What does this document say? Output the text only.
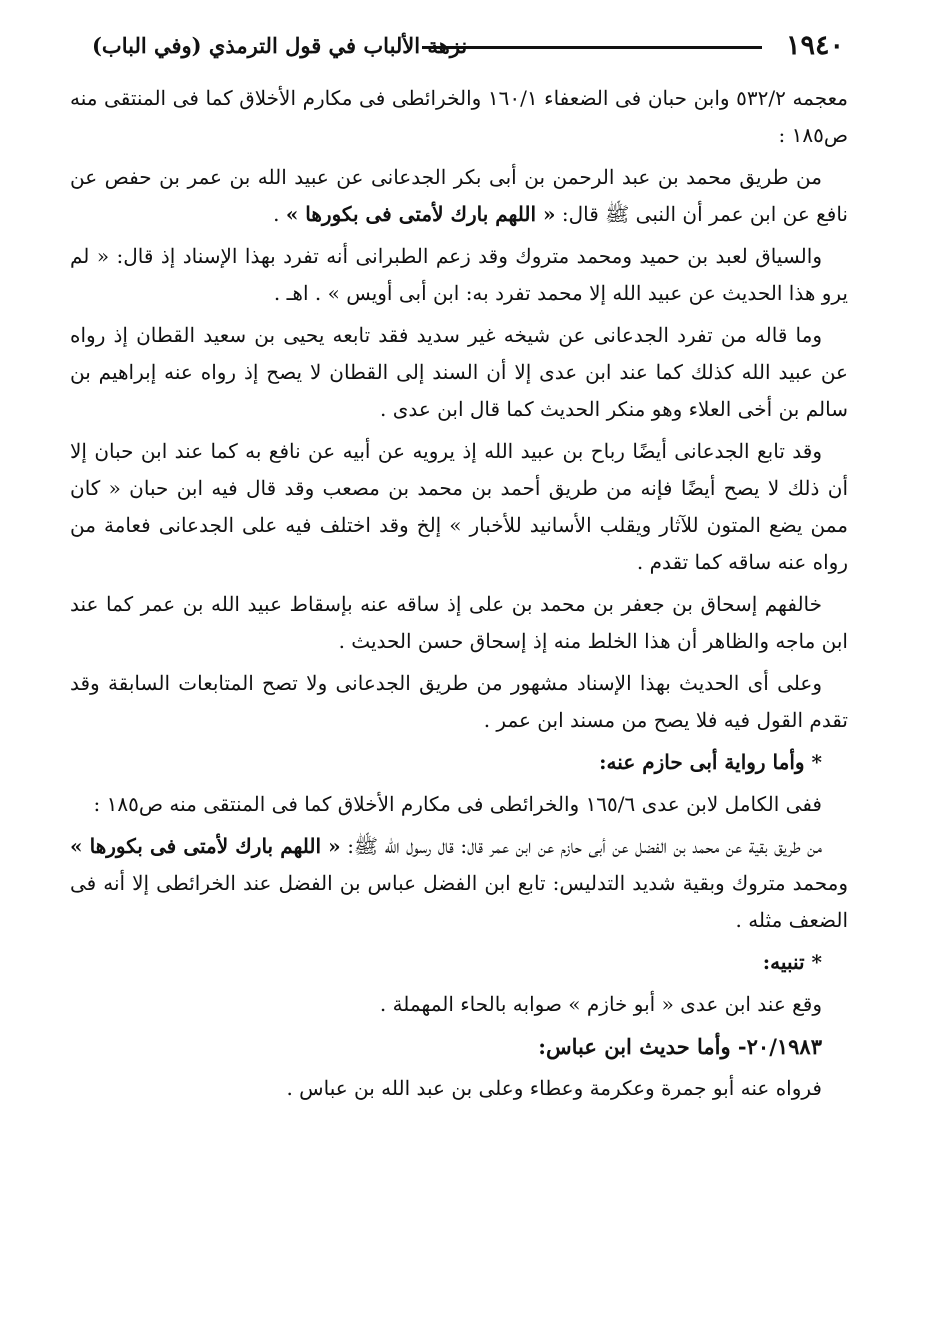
١٩٤٠
نزهة الألباب في قول الترمذي (وفي الباب)

معجمه ٥٣٢/٢ وابن حبان فى الضعفاء ١٦٠/١ والخرائطى فى مكارم الأخلاق كما فى المنتقى منه ص١٨٥ :

من طريق محمد بن عبد الرحمن بن أبى بكر الجدعانى عن عبيد الله بن عمر بن حفص عن نافع عن ابن عمر أن النبى ﷺ قال: « اللهم بارك لأمتى فى بكورها » .

والسياق لعبد بن حميد ومحمد متروك وقد زعم الطبرانى أنه تفرد بهذا الإسناد إذ قال: « لم يرو هذا الحديث عن عبيد الله إلا محمد تفرد به: ابن أبى أويس » . اهـ .

وما قاله من تفرد الجدعانى عن شيخه غير سديد فقد تابعه يحيى بن سعيد القطان إذ رواه عن عبيد الله كذلك كما عند ابن عدى إلا أن السند إلى القطان لا يصح إذ رواه عنه إبراهيم بن سالم بن أخى العلاء وهو منكر الحديث كما قال ابن عدى .

وقد تابع الجدعانى أيضًا رباح بن عبيد الله إذ يرويه عن أبيه عن نافع به كما عند ابن حبان إلا أن ذلك لا يصح أيضًا فإنه من طريق أحمد بن محمد بن مصعب وقد قال فيه ابن حبان « كان ممن يضع المتون للآثار ويقلب الأسانيد للأخبار » إلخ وقد اختلف فيه على الجدعانى فعامة من رواه عنه ساقه كما تقدم .

خالفهم إسحاق بن جعفر بن محمد بن على إذ ساقه عنه بإسقاط عبيد الله بن عمر كما عند ابن ماجه والظاهر أن هذا الخلط منه إذ إسحاق حسن الحديث .

وعلى أى الحديث بهذا الإسناد مشهور من طريق الجدعانى ولا تصح المتابعات السابقة وقد تقدم القول فيه فلا يصح من مسند ابن عمر .

* وأما رواية أبى حازم عنه:

ففى الكامل لابن عدى ١٦٥/٦ والخرائطى فى مكارم الأخلاق كما فى المنتقى منه ص١٨٥ :

من طريق بقية عن محمد بن الفضل عن أبى حازم عن ابن عمر قال: قال رسول الله ﷺ: « اللهم بارك لأمتى فى بكورها » ومحمد متروك وبقية شديد التدليس: تابع ابن الفضل عباس بن الفضل عند الخرائطى إلا أنه فى الضعف مثله .

* تنبيه:

وقع عند ابن عدى « أبو خازم » صوابه بالحاء المهملة .

٢٠/١٩٨٣- وأما حديث ابن عباس:

فرواه عنه أبو جمرة وعكرمة وعطاء وعلى بن عبد الله بن عباس .
